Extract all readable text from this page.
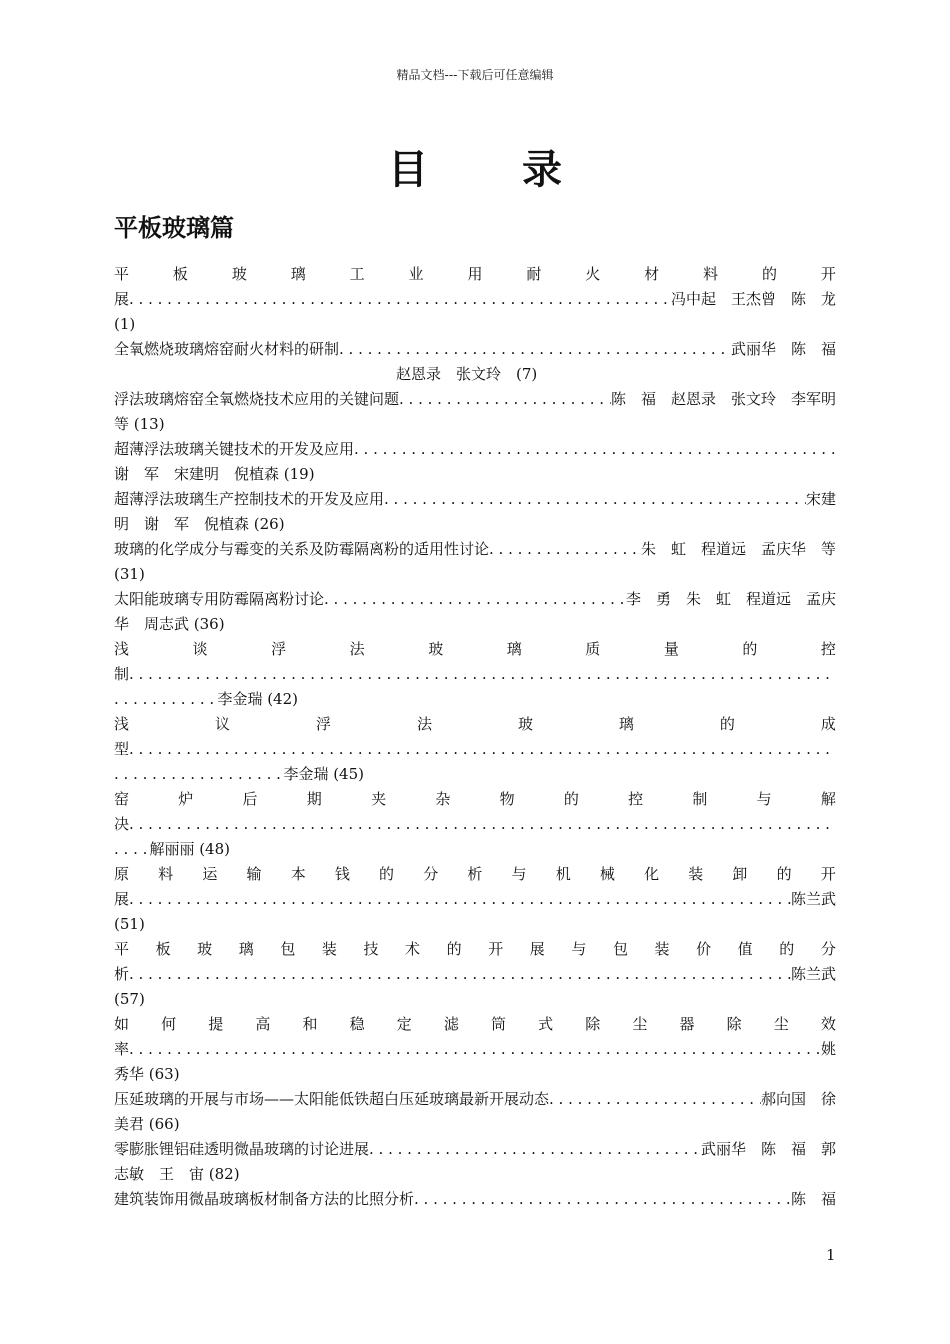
精品文档---下载后可任意编辑
目 录
平板玻璃篇
平	板	玻	璃	工	业	用	耐	火	材	料	的	开
展 . . .	冯中起　王杰曾　陈　龙
(1)
全氧燃烧玻璃熔窑耐火材料的研制 . . .	武丽华　陈　福
赵恩录　张文玲　(7)
浮法玻璃熔窑全氧燃烧技术应用的关键问题 . . .	陈　福　赵恩录　张文玲　李军明
等 (13)
超薄浮法玻璃关键技术的开发及应用
. . .
谢　军　宋建明　倪植森 (19)
超薄浮法玻璃生产控制技术的开发及应用 . . .	宋建
明　谢　军　倪植森 (26)
玻璃的化学成分与霉变的关系及防霉隔离粉的适用性讨论 . . .	朱　虹　程道远　孟庆华　等
(31)
太阳能玻璃专用防霉隔离粉讨论 . . .	李　勇　朱　虹　程道远　孟庆
华　周志武 (36)
浅	谈	浮	法	玻	璃	质	量	的	控
制
. . .
. . .
李金瑞 (42)
浅	议	浮	法	玻	璃	的	成
型
. . .
. . .
李金瑞 (45)
窑	炉	后	期	夹	杂	物	的	控	制	与	解
决
. . .
. . .
解丽丽 (48)
原 料 运 输 本 钱 的 分 析 与 机 械 化 装 卸 的 开
展 . . .	陈兰武
(51)
平 板 玻 璃 包 装 技 术 的 开 展 与 包 装 价 值 的 分
析 . . .	陈兰武
(57)
如 何 提 高 和 稳 定 滤 筒 式 除 尘 器 除 尘 效
率 . . .	姚
秀华 (63)
压延玻璃的开展与市场——太阳能低铁超白压延玻璃最新开展动态 . . .	郝向国　徐
美君 (66)
零膨胀锂铝硅透明微晶玻璃的讨论进展 . . .	武丽华　陈　福　郭
志敏　王　宙 (82)
建筑装饰用微晶玻璃板材制备方法的比照分析 . . .	陈　福
1
